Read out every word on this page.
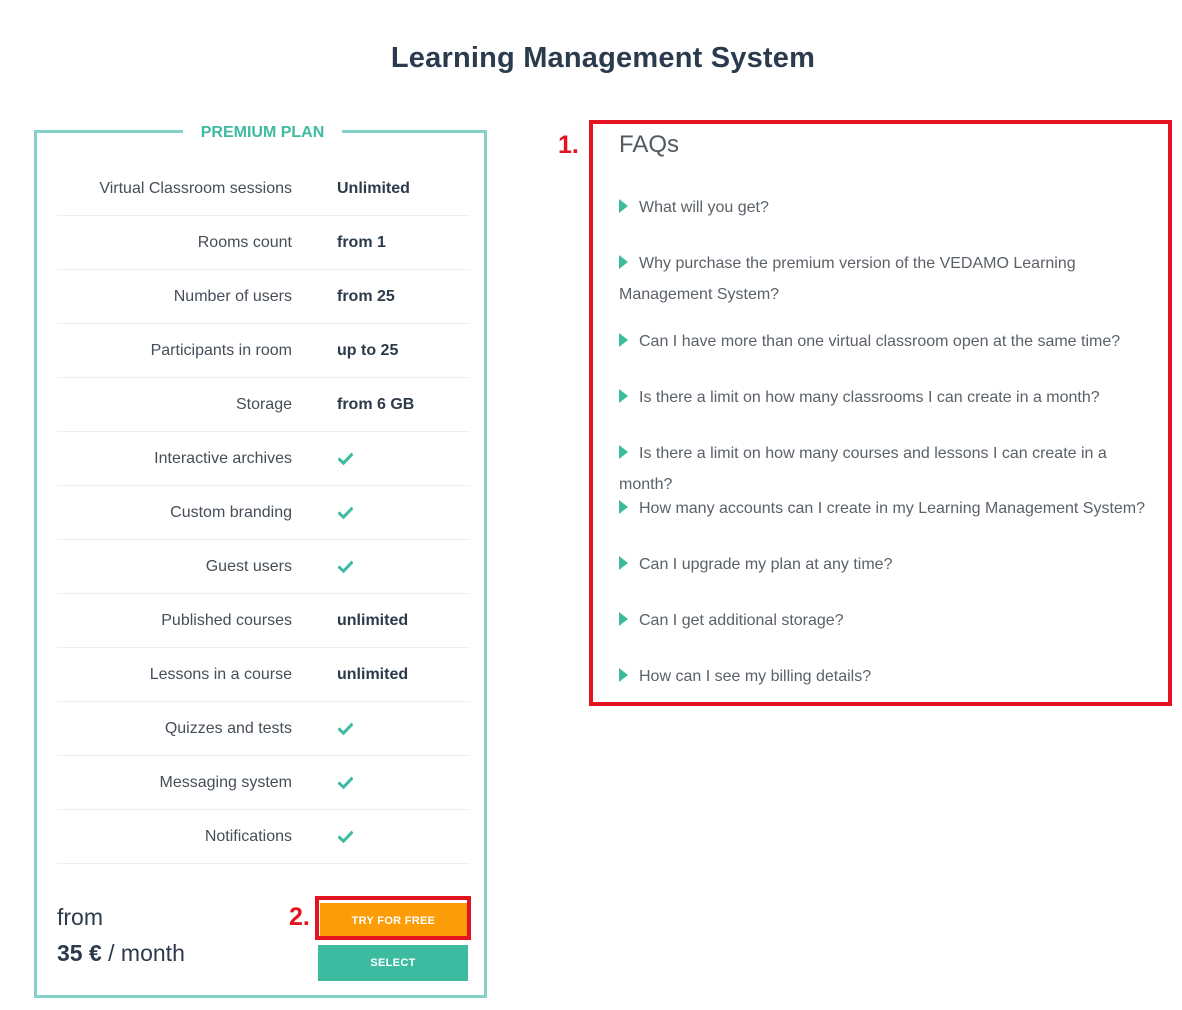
Learning Management System
PREMIUM PLAN
Virtual Classroom sessions	Unlimited
Rooms count	from 1
Number of users	from 25
Participants in room	up to 25
Storage	from 6 GB
Interactive archives
Custom branding
Guest users
Published courses	unlimited
Lessons in a course	unlimited
Quizzes and tests
Messaging system
Notifications
from
35 € / month
TRY FOR FREE
SELECT
FAQs
What will you get?
Why purchase the premium version of the VEDAMO Learning Management System?
Can I have more than one virtual classroom open at the same time?
Is there a limit on how many classrooms I can create in a month?
Is there a limit on how many courses and lessons I can create in a month?
How many accounts can I create in my Learning Management System?
Can I upgrade my plan at any time?
Can I get additional storage?
How can I see my billing details?
1.
2.
